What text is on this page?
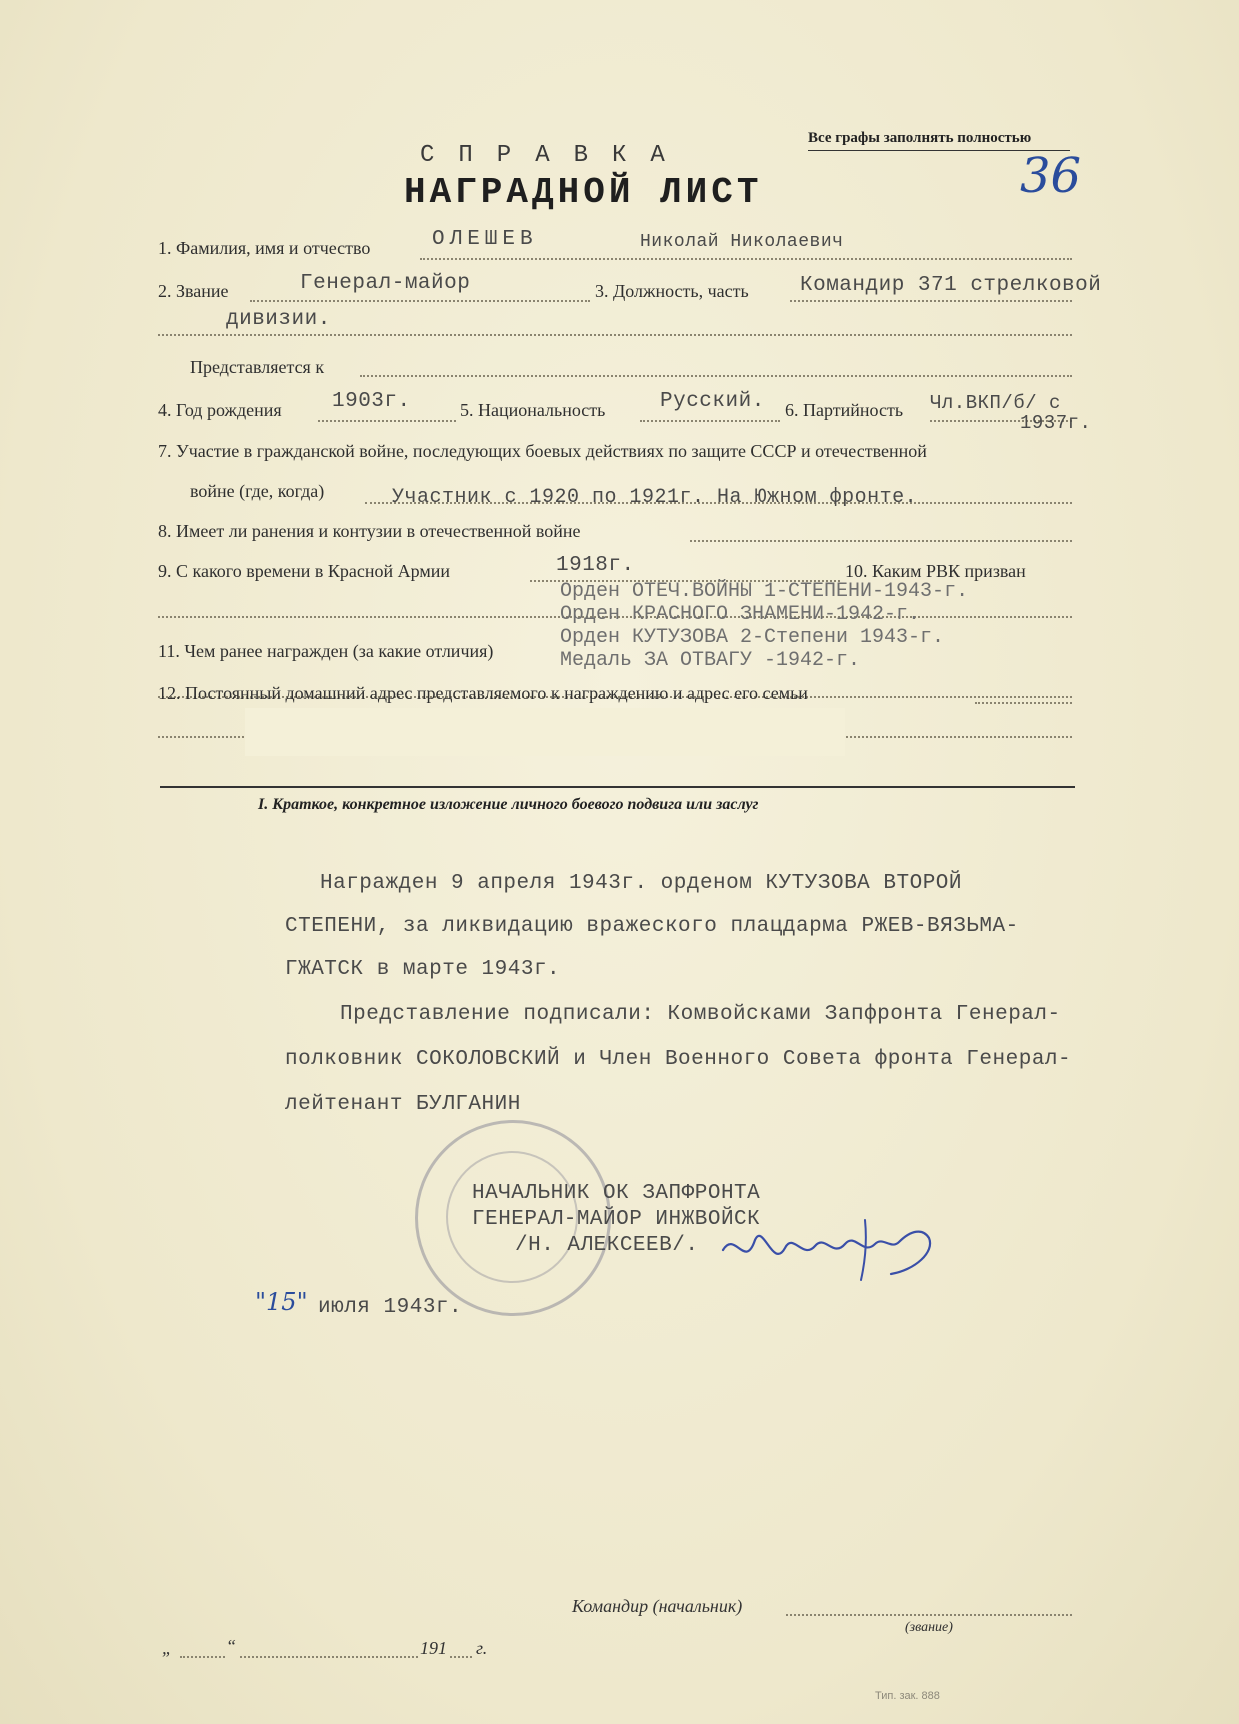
Все графы заполнять полностью
36
СПРАВКА
НАГРАДНОЙ ЛИСТ
1. Фамилия, имя и отчество	ОЛЕШЕВ	Николай Николаевич
2. Звание	Генерал-майор	3. Должность, часть Командир 371 стрелковой
дивизии.
Представляется к
4. Год рождения 1903г.	5. Национальность	Русский. 6. Партийность Чл.ВКП/б/ с
1937г.
7. Участие в гражданской войне, последующих боевых действиях по защите СССР и отечественной
войне (где, когда)	Участник с 1920 по 1921г. На Южном фронте.
8. Имеет ли ранения и контузии в отечественной войне
9. С какого времени в Красной Армии	1918г.	10. Каким РВК призван
Орден ОТЕЧ.ВОЙНЫ 1-СТЕПЕНИ-1943-г.
Орден КРАСНОГО ЗНАМЕНИ-1942-г.
Орден КУТУЗОВА 2-Степени 1943-г.
Медаль ЗА ОТВАГУ -1942-г.
11. Чем ранее награжден (за какие отличия)
12. Постоянный домашний адрес представляемого к награждению и адрес его семьи
I. Краткое, конкретное изложение личного боевого подвига или заслуг
Награжден 9 апреля 1943г. орденом КУТУЗОВА ВТОРОЙ
СТЕПЕНИ, за ликвидацию вражеского плацдарма РЖЕВ-ВЯЗЬМА-
ГЖАТСК в марте 1943г.
Представление подписали: Комвойсками Запфронта Генерал-
полковник СОКОЛОВСКИЙ и Член Военного Совета фронта Генерал-
лейтенант БУЛГАНИН
НАЧАЛЬНИК ОК ЗАПФРОНТА
ГЕНЕРАЛ-МАЙОР ИНЖВОЙСК
/Н. АЛЕКСЕЕВ/.
"15" июля 1943г.
Командир (начальник)
(звание)
„	“	191 г.
Тип. зак. 888
